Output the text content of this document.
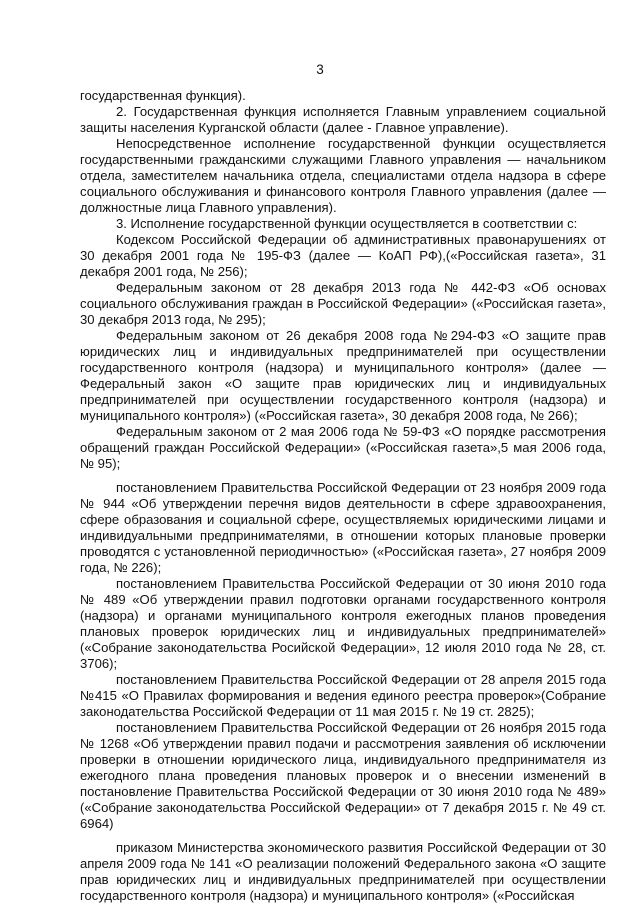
3

государственная функция).

2. Государственная функция исполняется Главным управлением социальной защиты населения Курганской области (далее - Главное управление).

Непосредственное исполнение государственной функции осуществляется государственными гражданскими служащими Главного управления — начальником отдела, заместителем начальника отдела, специалистами отдела надзора в сфере социального обслуживания и финансового контроля Главного управления (далее — должностные лица Главного управления).

3. Исполнение государственной функции осуществляется в соответствии с:

Кодексом Российской Федерации об административных правонарушениях от 30 декабря 2001 года № 195-ФЗ (далее — КоАП РФ),(«Российская газета», 31 декабря 2001 года, № 256);

Федеральным законом от 28 декабря 2013 года № 442-ФЗ «Об основах социального обслуживания граждан в Российской Федерации» («Российская газета», 30 декабря 2013 года, № 295);

Федеральным законом от 26 декабря 2008 года №294-ФЗ «О защите прав юридических лиц и индивидуальных предпринимателей при осуществлении государственного контроля (надзора) и муниципального контроля» (далее — Федеральный закон «О защите прав юридических лиц и индивидуальных предпринимателей при осуществлении государственного контроля (надзора) и муниципального контроля») («Российская газета», 30 декабря 2008 года, № 266);

Федеральным законом от 2 мая 2006 года № 59-ФЗ «О порядке рассмотрения обращений граждан Российской Федерации» («Российская газета»,5 мая 2006 года, № 95);

постановлением Правительства Российской Федерации от 23 ноября 2009 года № 944 «Об утверждении перечня видов деятельности в сфере здравоохранения, сфере образования и социальной сфере, осуществляемых юридическими лицами и индивидуальными предпринимателями, в отношении которых плановые проверки проводятся с установленной периодичностью» («Российская газета», 27 ноября 2009 года, № 226);

постановлением Правительства Российской Федерации от 30 июня 2010 года № 489 «Об утверждении правил подготовки органами государственного контроля (надзора) и органами муниципального контроля ежегодных планов проведения плановых проверок юридических лиц и индивидуальных предпринимателей» («Собрание законодательства Росийской Федерации», 12 июля 2010 года № 28, ст. 3706);

постановлением Правительства Российской Федерации от 28 апреля 2015 года №415 «О Правилах формирования и ведения единого реестра проверок»(Собрание законодательства Российской Федерации от 11 мая 2015 г. № 19 ст. 2825);

постановлением Правительства Российской Федерации от 26 ноября 2015 года № 1268 «Об утверждении правил подачи и рассмотрения заявления об исключении проверки в отношении юридического лица, индивидуального предпринимателя из ежегодного плана проведения плановых проверок и о внесении изменений в постановление Правительства Российской Федерации от 30 июня 2010 года № 489» («Собрание законодательства Российской Федерации» от 7 декабря 2015 г. № 49 ст. 6964)

приказом Министерства экономического развития Российской Федерации от 30 апреля 2009 года № 141 «О реализации положений Федерального закона «О защите прав юридических лиц и индивидуальных предпринимателей при осуществлении государственного контроля (надзора) и муниципального контроля» («Российская
